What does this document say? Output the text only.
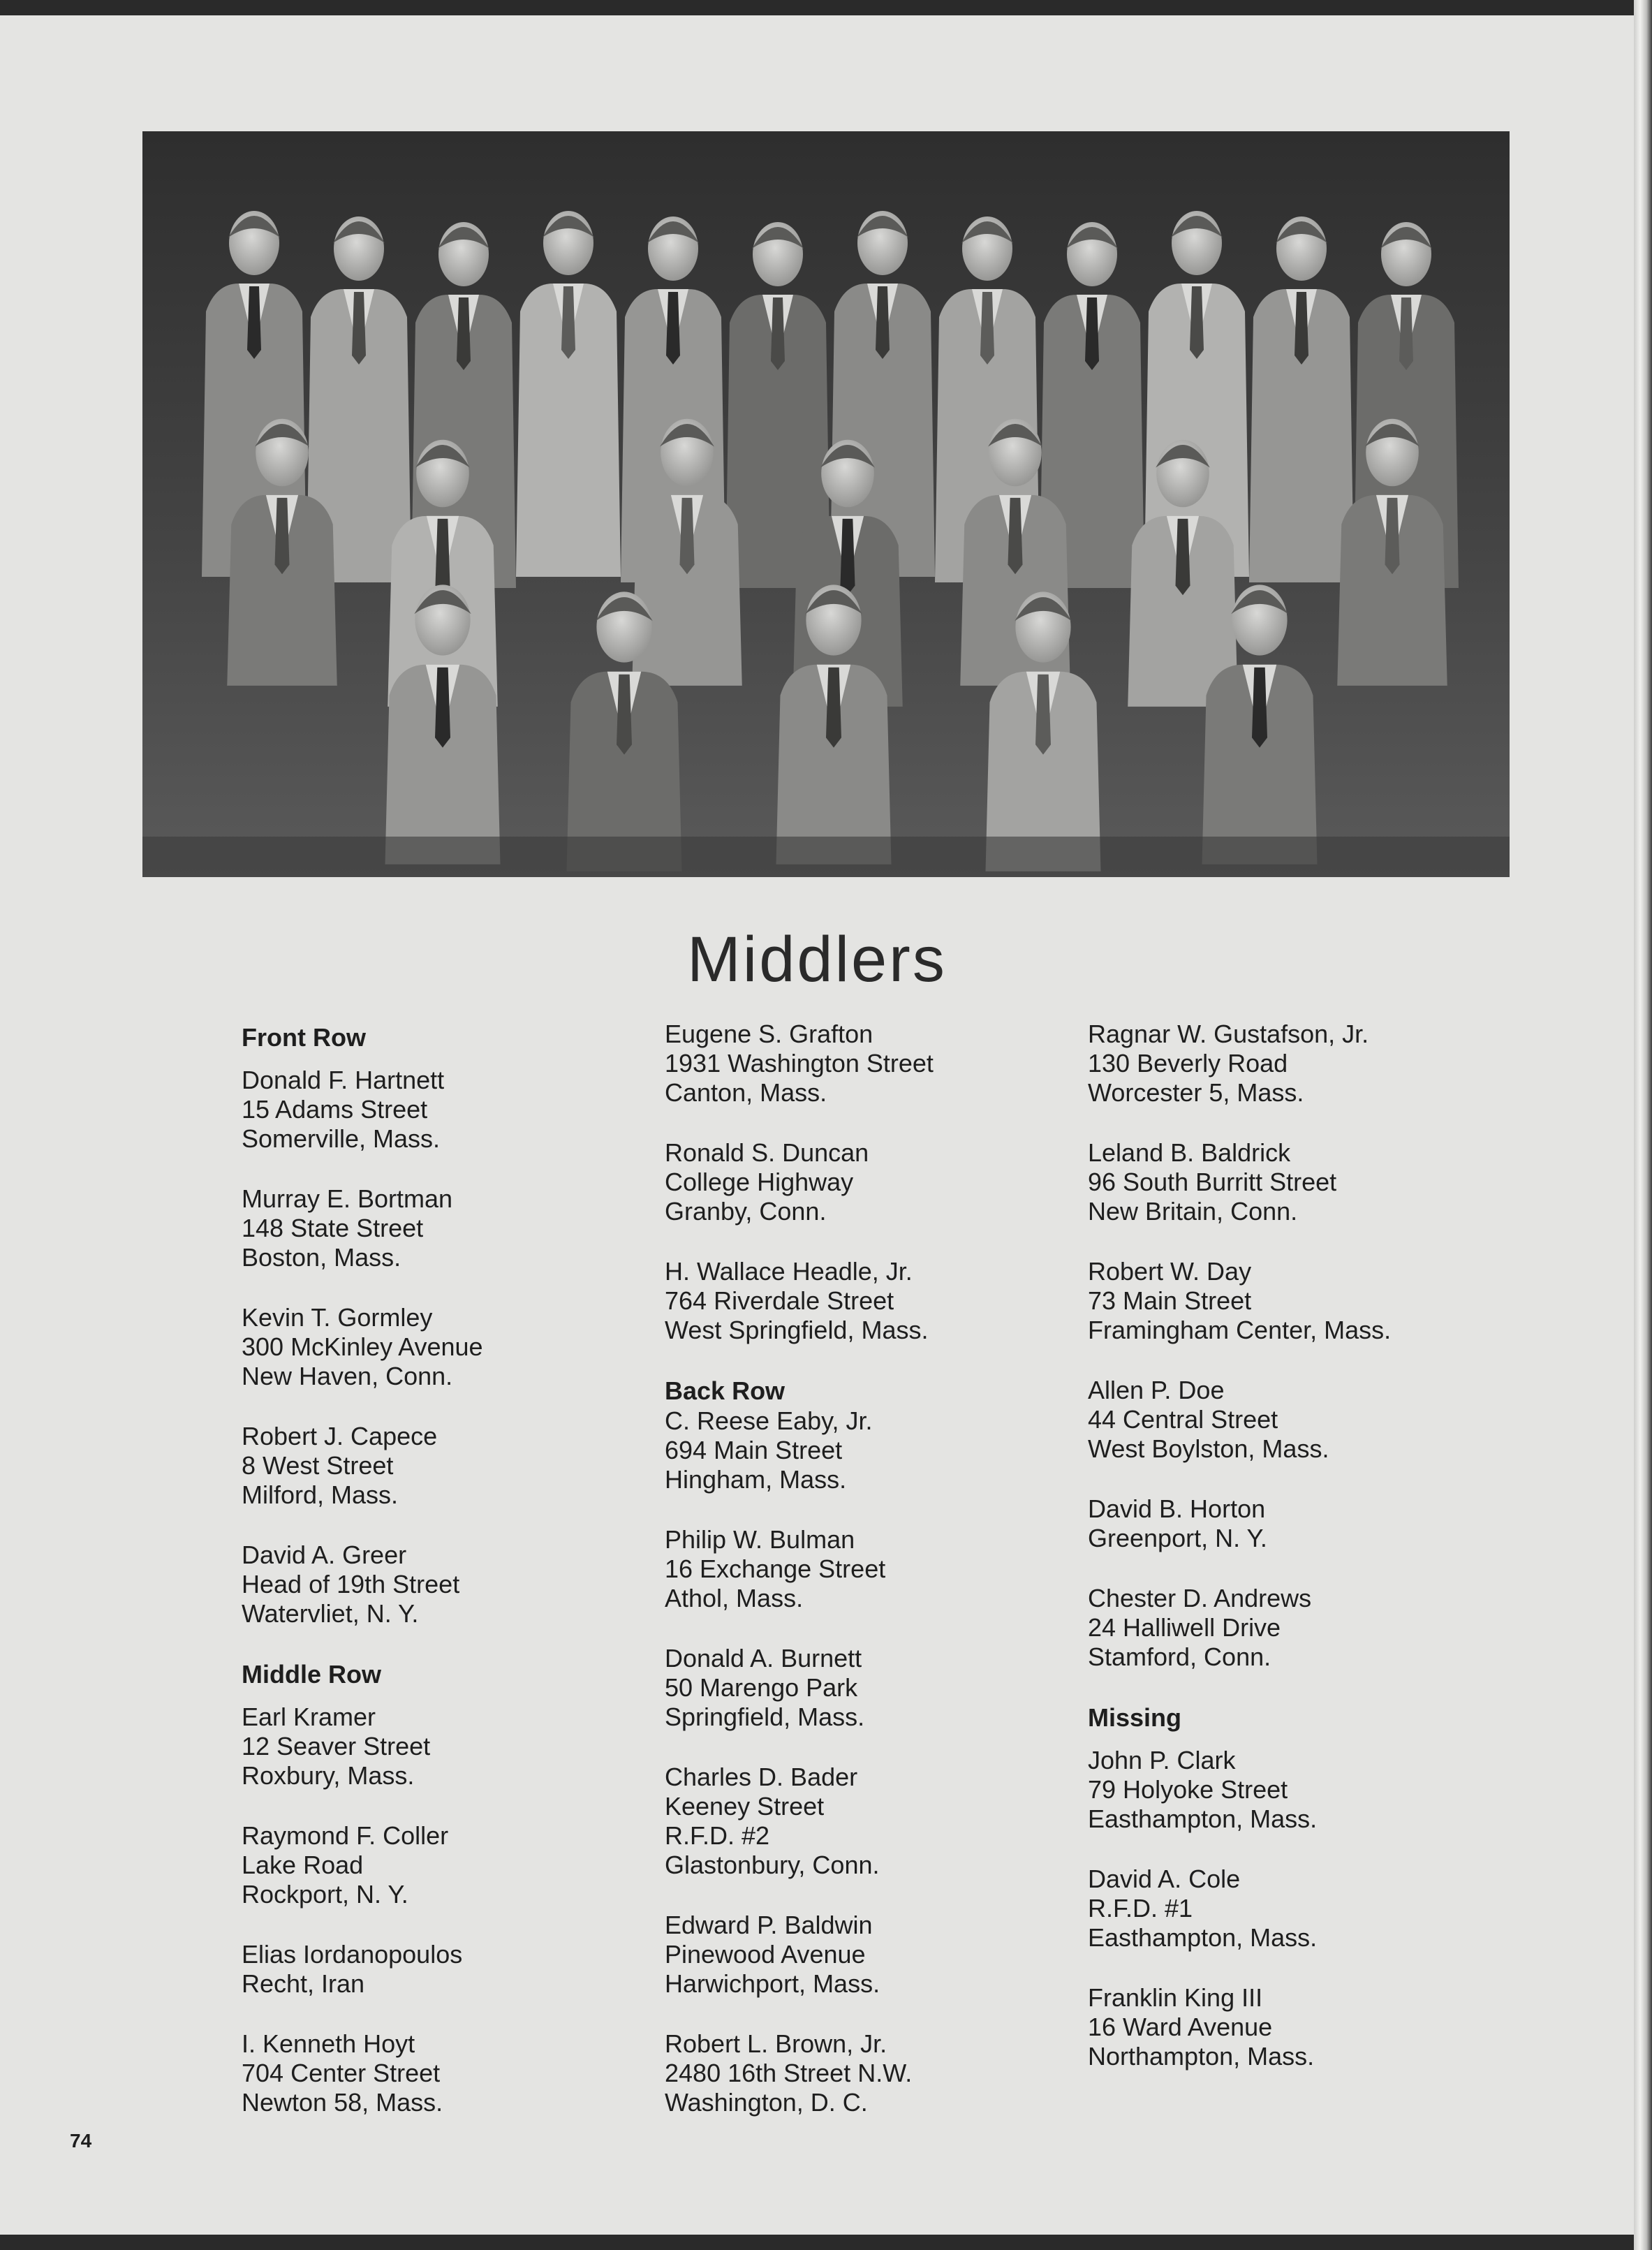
Middlers
Front Row
Donald F. Hartnett
15 Adams Street
Somerville, Mass.
Murray E. Bortman
148 State Street
Boston, Mass.
Kevin T. Gormley
300 McKinley Avenue
New Haven, Conn.
Robert J. Capece
8 West Street
Milford, Mass.
David A. Greer
Head of 19th Street
Watervliet, N. Y.
Middle Row
Earl Kramer
12 Seaver Street
Roxbury, Mass.
Raymond F. Coller
Lake Road
Rockport, N. Y.
Elias Iordanopoulos
Recht, Iran
I. Kenneth Hoyt
704 Center Street
Newton 58, Mass.
Eugene S. Grafton
1931 Washington Street
Canton, Mass.
Ronald S. Duncan
College Highway
Granby, Conn.
H. Wallace Headle, Jr.
764 Riverdale Street
West Springfield, Mass.
Back Row
C. Reese Eaby, Jr.
694 Main Street
Hingham, Mass.
Philip W. Bulman
16 Exchange Street
Athol, Mass.
Donald A. Burnett
50 Marengo Park
Springfield, Mass.
Charles D. Bader
Keeney Street
R.F.D. #2
Glastonbury, Conn.
Edward P. Baldwin
Pinewood Avenue
Harwichport, Mass.
Robert L. Brown, Jr.
2480 16th Street N.W.
Washington, D. C.
Ragnar W. Gustafson, Jr.
130 Beverly Road
Worcester 5, Mass.
Leland B. Baldrick
96 South Burritt Street
New Britain, Conn.
Robert W. Day
73 Main Street
Framingham Center, Mass.
Allen P. Doe
44 Central Street
West Boylston, Mass.
David B. Horton
Greenport, N. Y.
Chester D. Andrews
24 Halliwell Drive
Stamford, Conn.
Missing
John P. Clark
79 Holyoke Street
Easthampton, Mass.
David A. Cole
R.F.D. #1
Easthampton, Mass.
Franklin King III
16 Ward Avenue
Northampton, Mass.
74
